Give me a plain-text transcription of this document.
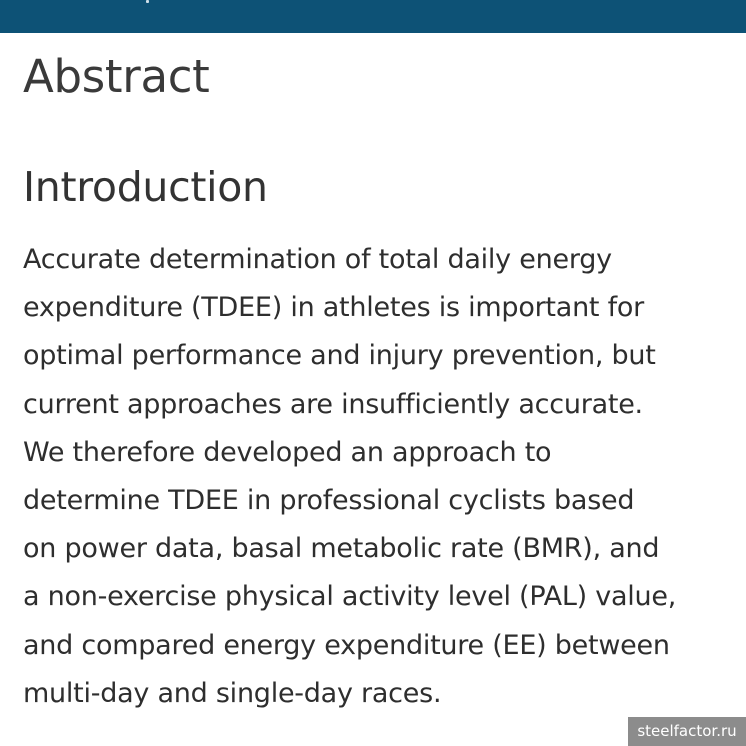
Abstract
Introduction

Accurate determination of total daily energy
expenditure (TDEE) in athletes is important for
optimal performance and injury prevention, but
current approaches are insufficiently accurate.
We therefore developed an approach to
determine TDEE in professional cyclists based
on power data, basal metabolic rate (BMR), and
a non-exercise physical activity level (PAL) value,
and compared energy expenditure (EE) between
multi-day and single-day races.

steelfactor.ru
